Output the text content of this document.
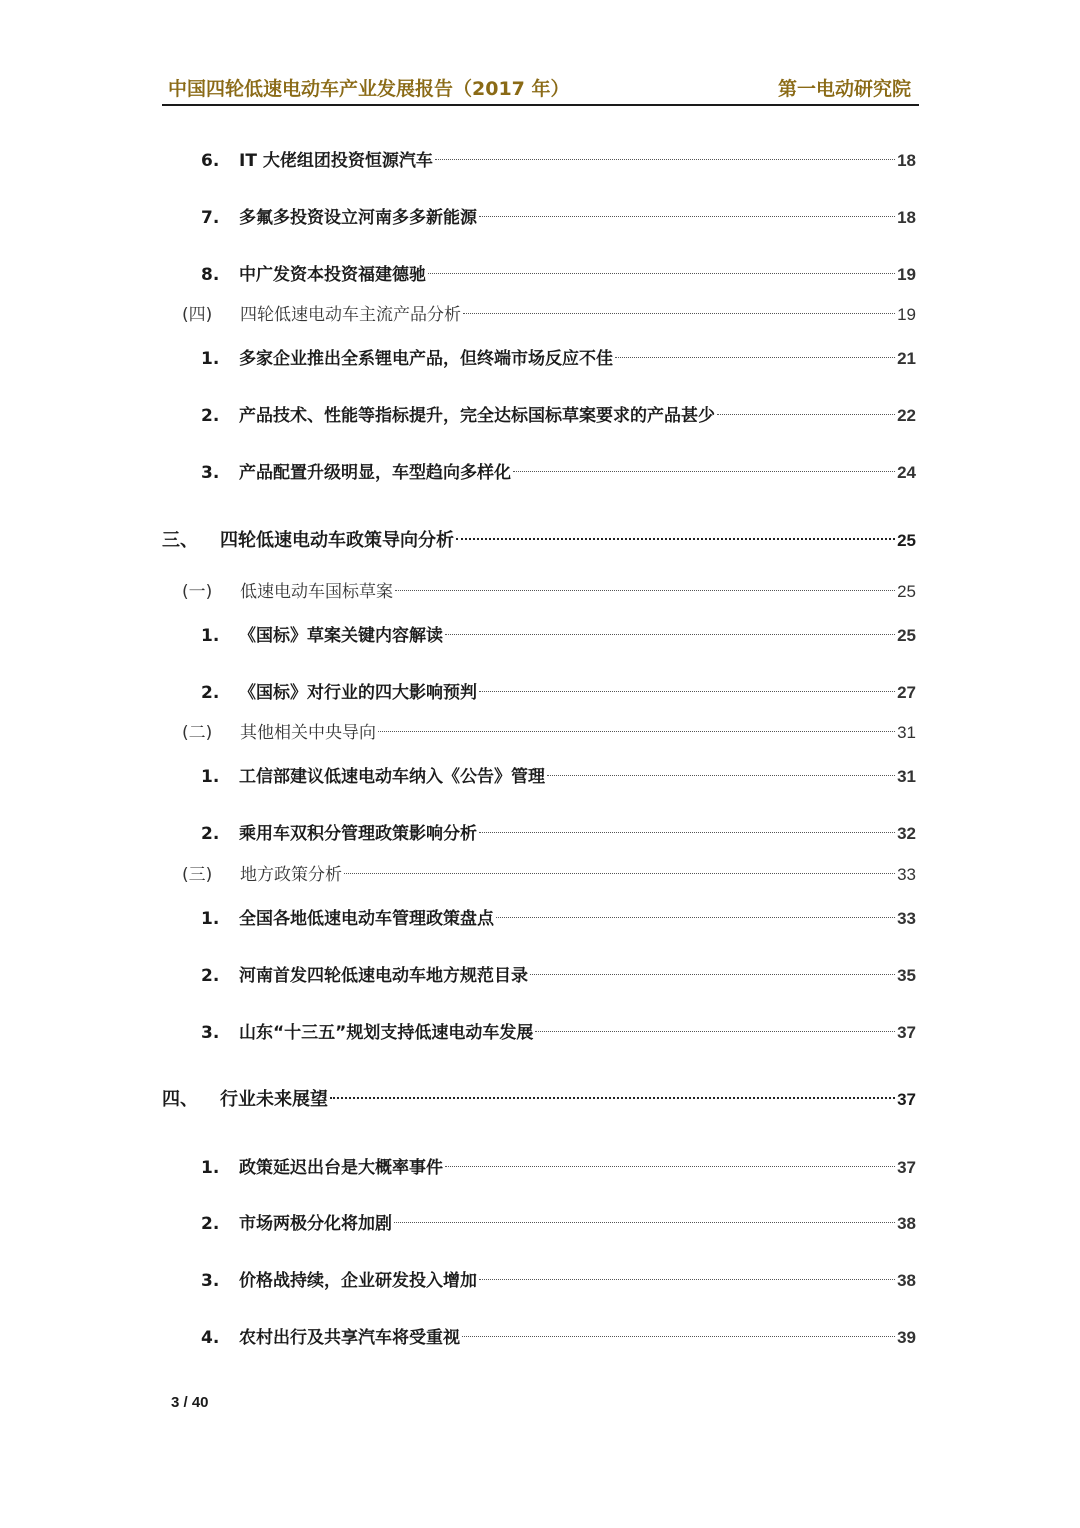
中国四轮低速电动车产业发展报告（2017 年）	第一电动研究院
6.	IT 大佬组团投资恒源汽车	18
7.	多氟多投资设立河南多多新能源	18
8.	中广发资本投资福建德驰	19
(四)	四轮低速电动车主流产品分析	19
1.	多家企业推出全系锂电产品，但终端市场反应不佳	21
2.	产品技术、性能等指标提升，完全达标国标草案要求的产品甚少	22
3.	产品配置升级明显，车型趋向多样化	24
三、	四轮低速电动车政策导向分析	25
(一)	低速电动车国标草案	25
1.	《国标》草案关键内容解读	25
2.	《国标》对行业的四大影响预判	27
(二)	其他相关中央导向	31
1.	工信部建议低速电动车纳入《公告》管理	31
2.	乘用车双积分管理政策影响分析	32
(三)	地方政策分析	33
1.	全国各地低速电动车管理政策盘点	33
2.	河南首发四轮低速电动车地方规范目录	35
3.	山东“十三五”规划支持低速电动车发展	37
四、	行业未来展望	37
1.	政策延迟出台是大概率事件	37
2.	市场两极分化将加剧	38
3.	价格战持续，企业研发投入增加	38
4.	农村出行及共享汽车将受重视	39
3 / 40
